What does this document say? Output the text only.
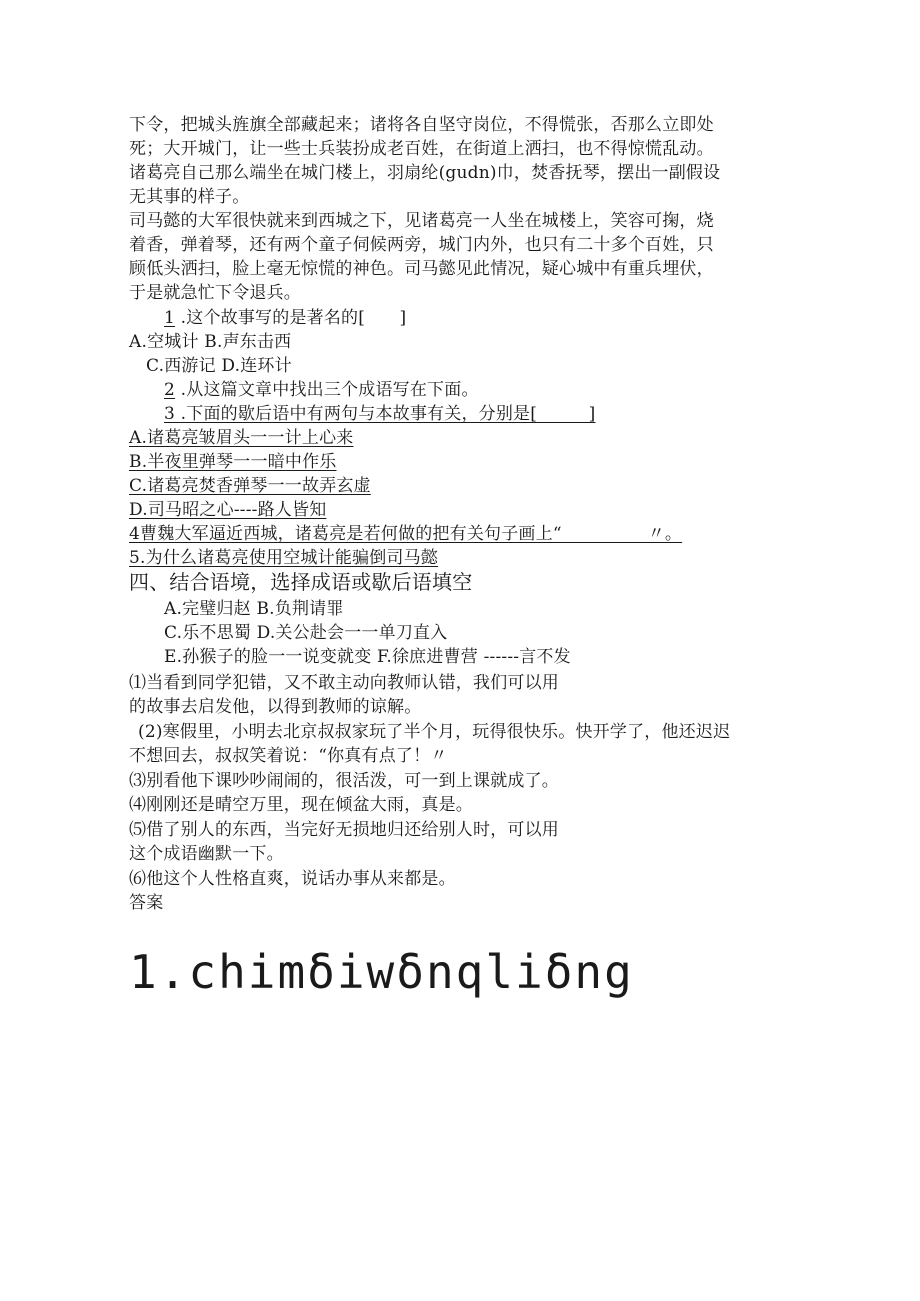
下令，把城头旌旗全部藏起来；诸将各自坚守岗位，不得慌张，否那么立即处
死；大开城门，让一些士兵装扮成老百姓，在街道上洒扫，也不得惊慌乱动。
诸葛亮自己那么端坐在城门楼上，羽扇纶(gudn)巾，焚香抚琴，摆出一副假设
无其事的样子。
司马懿的大军很快就来到西城之下，见诸葛亮一人坐在城楼上，笑容可掬，烧
着香，弹着琴，还有两个童子伺候两旁，城门内外，也只有二十多个百姓，只
顾低头洒扫，脸上毫无惊慌的神色。司马懿见此情况，疑心城中有重兵埋伏，
于是就急忙下令退兵。
1 .这个故事写的是著名的[　　]
A.空城计 B.声东击西
C.西游记 D.连环计
2 .从这篇文章中找出三个成语写在下面。
3 .下面的歇后语中有两句与本故事有关，分别是[　　　]
A.诸葛亮皱眉头一一计上心来
B.半夜里弹琴一一暗中作乐
C.诸葛亮焚香弹琴一一故弄玄虚
D.司马昭之心----路人皆知
4曹魏大军逼近西城，诸葛亮是若何做的把有关句子画上“　　　　　〃。
5.为什么诸葛亮使用空城计能骗倒司马懿
四、结合语境，选择成语或歇后语填空
A.完璧归赵 B.负荆请罪
C.乐不思蜀 D.关公赴会一一单刀直入
E.孙猴子的脸一一说变就变 F.徐庶进曹营 ------言不发
⑴当看到同学犯错，又不敢主动向教师认错，我们可以用
的故事去启发他，以得到教师的谅解。
(2)寒假里，小明去北京叔叔家玩了半个月，玩得很快乐。快开学了，他还迟迟
不想回去，叔叔笑着说：“你真有点了！〃
⑶别看他下课吵吵闹闹的，很活泼，可一到上课就成了。
⑷刚刚还是晴空万里，现在倾盆大雨，真是。
⑸借了别人的东西，当完好无损地归还给别人时，可以用
这个成语幽默一下。
⑹他这个人性格直爽，说话办事从来都是。
答案
1.chimδiwδnqliδng
